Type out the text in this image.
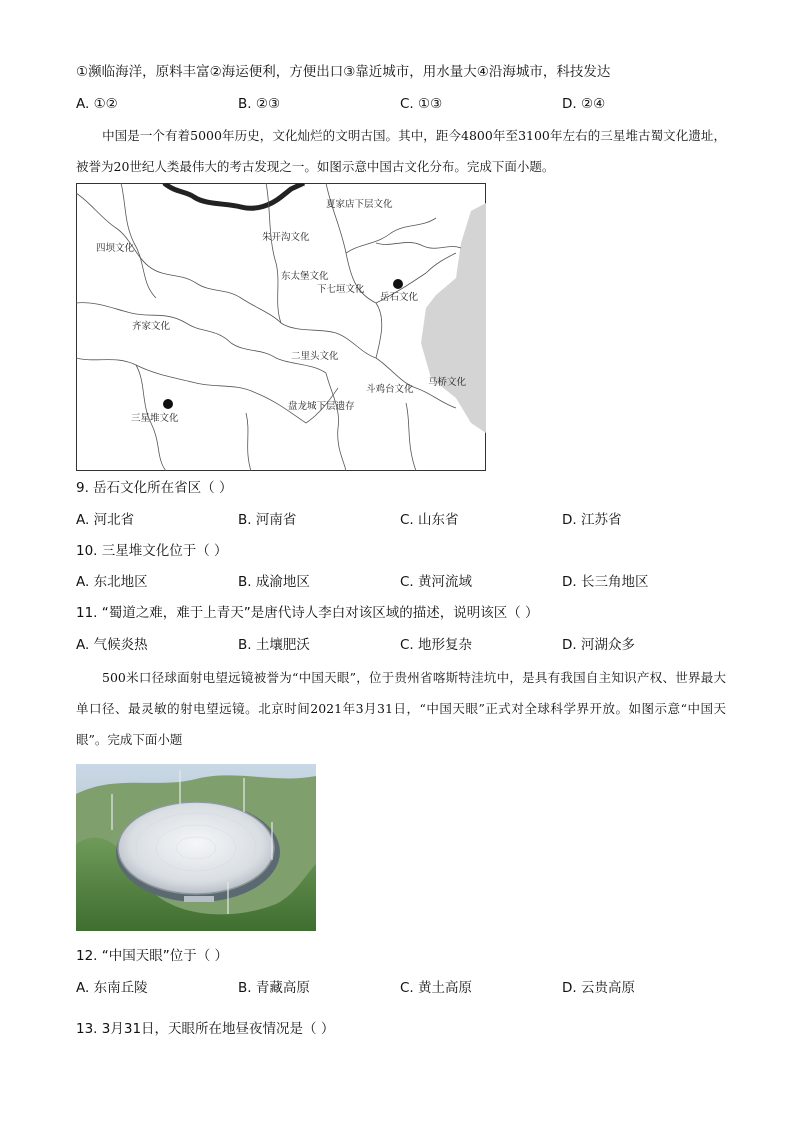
①濒临海洋，原料丰富②海运便利，方便出口③靠近城市，用水量大④沿海城市，科技发达
A. ①②	B. ②③	C. ①③	D. ②④
中国是一个有着5000年历史，文化灿烂的文明古国。其中，距今4800年至3100年左右的三星堆古蜀文化遗址，被誉为20世纪人类最伟大的考古发现之一。如图示意中国古文化分布。完成下面小题。
夏家店下层文化
朱开沟文化
四坝文化
东太堡文化
下七垣文化
岳石文化
齐家文化
二里头文化
斗鸡台文化
马桥文化
三星堆文化
盘龙城下层遗存
9. 岳石文化所在省区（ ）
A. 河北省	B. 河南省	C. 山东省	D. 江苏省
10. 三星堆文化位于（ ）
A. 东北地区	B. 成渝地区	C. 黄河流域	D. 长三角地区
11. “蜀道之难，难于上青天”是唐代诗人李白对该区域的描述，说明该区（ ）
A. 气候炎热	B. 土壤肥沃	C. 地形复杂	D. 河湖众多
500米口径球面射电望远镜被誉为“中国天眼”，位于贵州省喀斯特洼坑中，是具有我国自主知识产权、世界最大单口径、最灵敏的射电望远镜。北京时间2021年3月31日，“中国天眼”正式对全球科学界开放。如图示意“中国天眼”。完成下面小题
12. “中国天眼”位于（ ）
A. 东南丘陵	B. 青藏高原	C. 黄土高原	D. 云贵高原
13. 3月31日，天眼所在地昼夜情况是（ ）
